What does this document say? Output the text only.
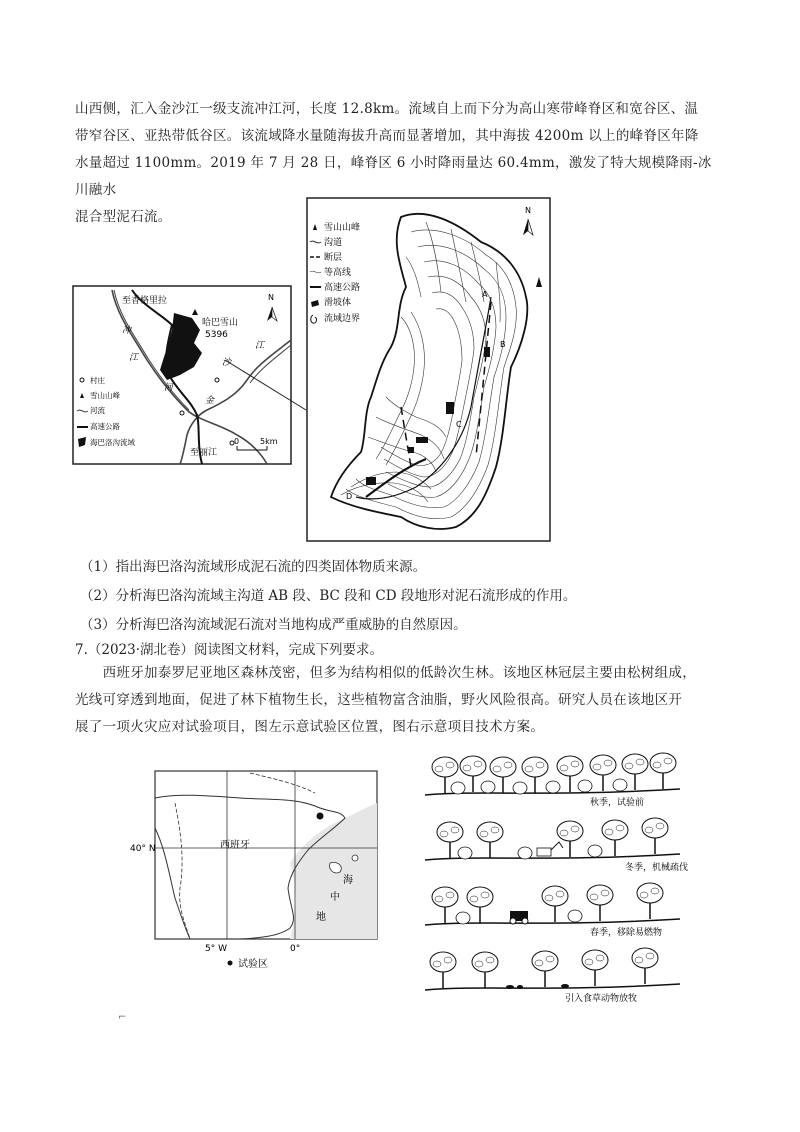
山西侧，汇入金沙江一级支流冲江河，长度 12.8km。流域自上而下分为高山寒带峰脊区和宽谷区、温
带窄谷区、亚热带低谷区。该流域降水量随海拔升高而显著增加，其中海拔 4200m 以上的峰脊区年降
水量超过 1100mm。2019 年 7 月 28 日，峰脊区 6 小时降雨量达 60.4mm，激发了特大规模降雨-冰川融水
混合型泥石流。
N
至香格里拉
哈巴雪山
5396
冲
江
河
沙
江
金
至丽江
0	5km
村庄
雪山山峰
河流
高速公路
海巴洛沟流域
A
B
C
D
N
雪山山峰
沟道
断层
等高线
高速公路
滑坡体
流域边界

（1）指出海巴洛沟流域形成泥石流的四类固体物质来源。

（2）分析海巴洛沟流域主沟道 AB 段、BC 段和 CD 段地形对泥石流形成的作用。

（3）分析海巴洛沟流域泥石流对当地构成严重威胁的自然原因。

7.（2023·湖北卷）阅读图文材料，完成下列要求。

　　西班牙加泰罗尼亚地区森林茂密，但多为结构相似的低龄次生林。该地区林冠层主要由松树组成，
光线可穿透到地面，促进了林下植物生长，这些植物富含油脂，野火风险很高。研究人员在该地区开
展了一项火灾应对试验项目，图左示意试验区位置，图右示意项目技术方案。
西班牙
海
中
地
40° N
5° W	0°
试验区
秋季，试验前
冬季，机械疏伐
春季，移除易燃物
引入食草动物放牧
⌐
